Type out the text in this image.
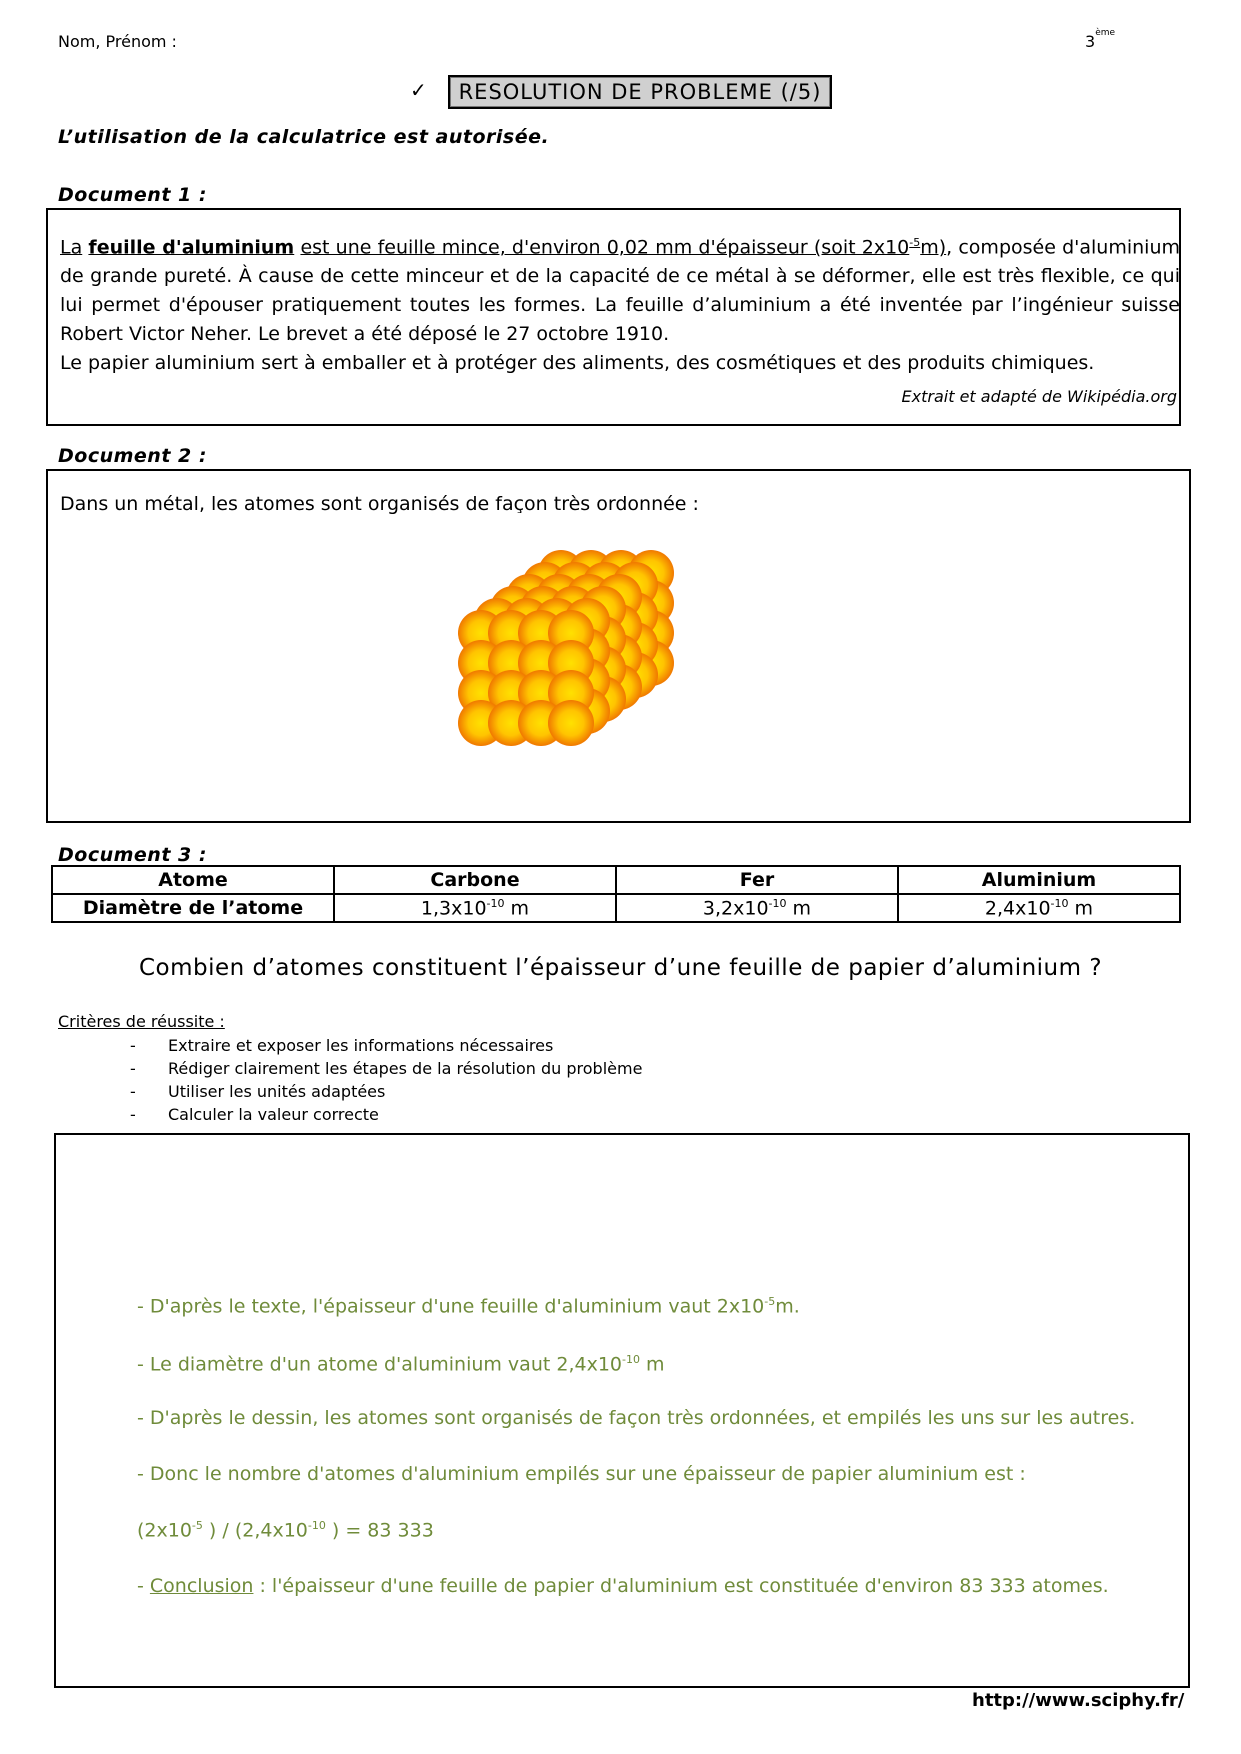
Nom, Prénom :	3ème
✓	RESOLUTION DE PROBLEME (/5)
L’utilisation de la calculatrice est autorisée.
Document 1 :
La feuille d'aluminium est une feuille mince, d'environ 0,02 mm d'épaisseur (soit $2x10^{-5}m$), composée d'aluminium de grande pureté. À cause de cette minceur et de la capacité de ce métal à se déformer, elle est très flexible, ce qui lui permet d'épouser pratiquement toutes les formes. La feuille d’aluminium a été inventée par l’ingénieur suisse Robert Victor Neher. Le brevet a été déposé le 27 octobre 1910.
Le papier aluminium sert à emballer et à protéger des aliments, des cosmétiques et des produits chimiques.
Extrait et adapté de Wikipédia.org
Document 2 :
Dans un métal, les atomes sont organisés de façon très ordonnée :
Document 3 :
Atome	Carbone	Fer	Aluminium
Diamètre de l’atome	$1,3x10^{-10}$ m	$3,2x10^{-10}$ m	$2,4x10^{-10}$ m
Combien d’atomes constituent l’épaisseur d’une feuille de papier d’aluminium ?
Critères de réussite :
- Extraire et exposer les informations nécessaires
- Rédiger clairement les étapes de la résolution du problème
- Utiliser les unités adaptées
- Calculer la valeur correcte
- D'après le texte, l'épaisseur d'une feuille d'aluminium vaut $2x10^{-5}m$.
- Le diamètre d'un atome d'aluminium vaut $2,4x10^{-10}$ m
- D'après le dessin, les atomes sont organisés de façon très ordonnées, et empilés les uns sur les autres.
- Donc le nombre d'atomes d'aluminium empilés sur une épaisseur de papier aluminium est :
($2x10^{-5}$ ) / ($2,4x10^{-10}$ ) = 83 333
- Conclusion : l'épaisseur d'une feuille de papier d'aluminium est constituée d'environ 83 333 atomes.
http://www.sciphy.fr/
